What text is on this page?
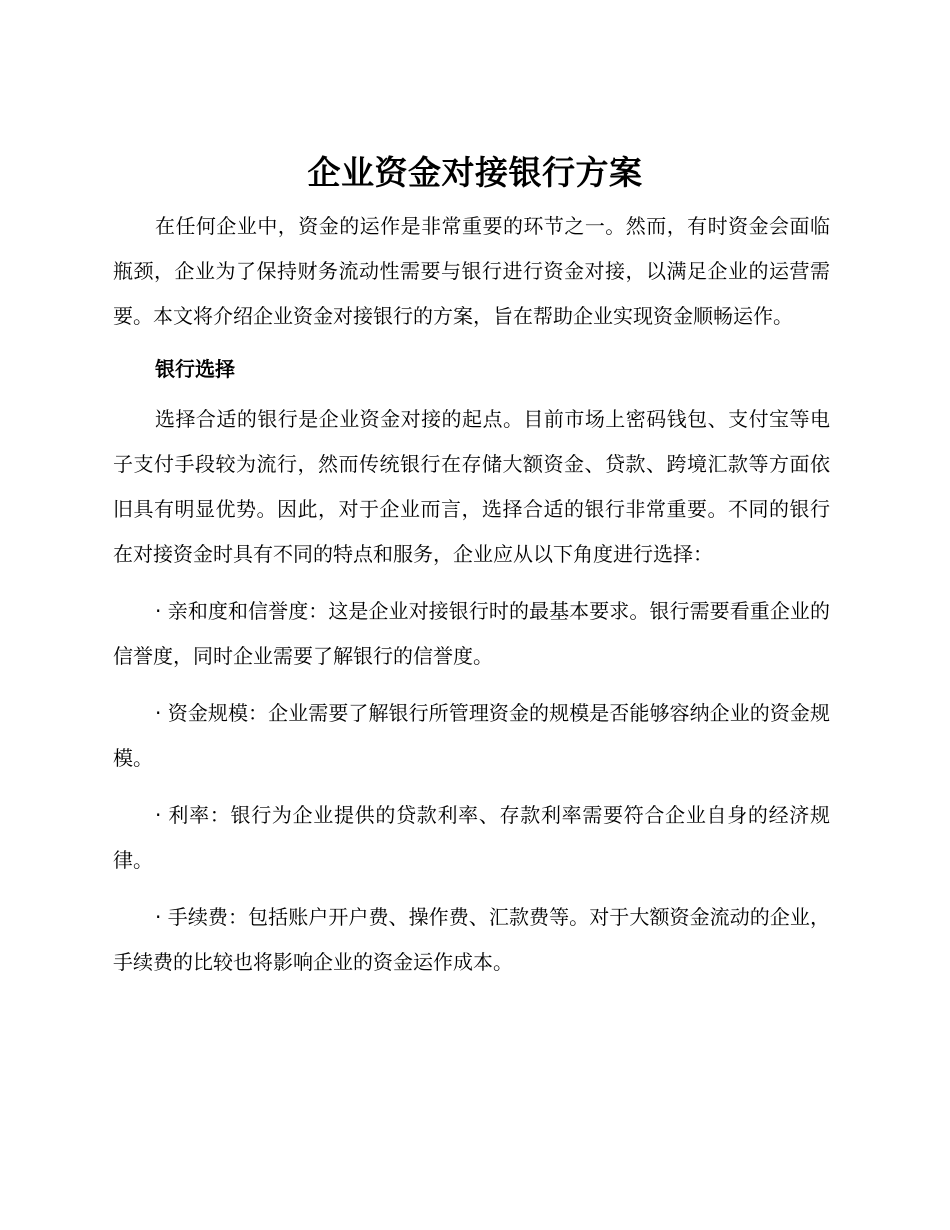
企业资金对接银行方案

在任何企业中，资金的运作是非常重要的环节之一。然而，有时资金会面临瓶颈，企业为了保持财务流动性需要与银行进行资金对接，以满足企业的运营需要。本文将介绍企业资金对接银行的方案，旨在帮助企业实现资金顺畅运作。

银行选择

选择合适的银行是企业资金对接的起点。目前市场上密码钱包、支付宝等电子支付手段较为流行，然而传统银行在存储大额资金、贷款、跨境汇款等方面依旧具有明显优势。因此，对于企业而言，选择合适的银行非常重要。不同的银行在对接资金时具有不同的特点和服务，企业应从以下角度进行选择：

· 亲和度和信誉度：这是企业对接银行时的最基本要求。银行需要看重企业的信誉度，同时企业需要了解银行的信誉度。

· 资金规模：企业需要了解银行所管理资金的规模是否能够容纳企业的资金规模。

· 利率：银行为企业提供的贷款利率、存款利率需要符合企业自身的经济规律。

· 手续费：包括账户开户费、操作费、汇款费等。对于大额资金流动的企业，手续费的比较也将影响企业的资金运作成本。
